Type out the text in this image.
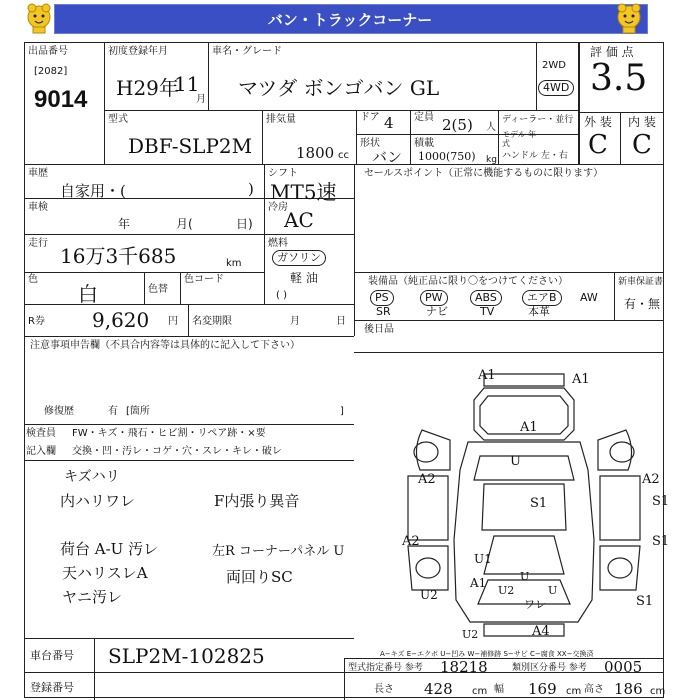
バン・トラックコーナー
出品番号
[2082]
9014
初度登録年月
H29年
11
月
車名・グレード
マツダ ボンゴバン GL
2WD
4WD
評 価 点
3.5
外 装 内 装
C C
型式
DBF-SLP2M
排気量
1800 cc
ドア 4 定員 2(5) 人
形状
バン
積載
1000(750) kg
ディーラー・並行
モデル 年式
ハンドル 左・右
車歴
自家用・(	)
シフト
MT5速
車検
年	月(	日)
冷房
AC
走行
16万3千685	km
燃料
ガソリン
軽 油
( )
色
白	色替
色コード
R券 9,620 円 名変期限	月	日
セールスポイント（正常に機能するものに限ります）
装備品（純正品に限り〇をつけてください）	新車保証書
有・無
後日品
PS	PW	ABS	エアB	AW
SR	ナビ	TV	本革
注意事項申告欄（不具合内容等は具体的に記入して下さい）
修復歴	有 [箇所	]
検査員 FW・キズ・飛石・ヒビ割・リペア跡・×要
記入欄 交換・凹・汚レ・コゲ・穴・スレ・キレ・破レ
キズハリ
内ハリワレ
荷台 A-U 汚レ
天ハリスレA
ヤニ汚レ
F内張り異音
左R コーナーパネル U
両回りSC
A1	A1
A1
U
A2	A2
S1
S1
A2
U2
U1
A1
S1
A4
S1
U
U2
U2
U
ワレ
A−キズ E−エクボ U−凹み W−補修跡 S−サビ C−腐食 XX−交換済
車台番号 SLP2M-102825
登録番号
型式指定番号 参考 18218	類別区分番号 参考 0005
長さ 428 cm 幅 169 cm 高さ 186 cm
